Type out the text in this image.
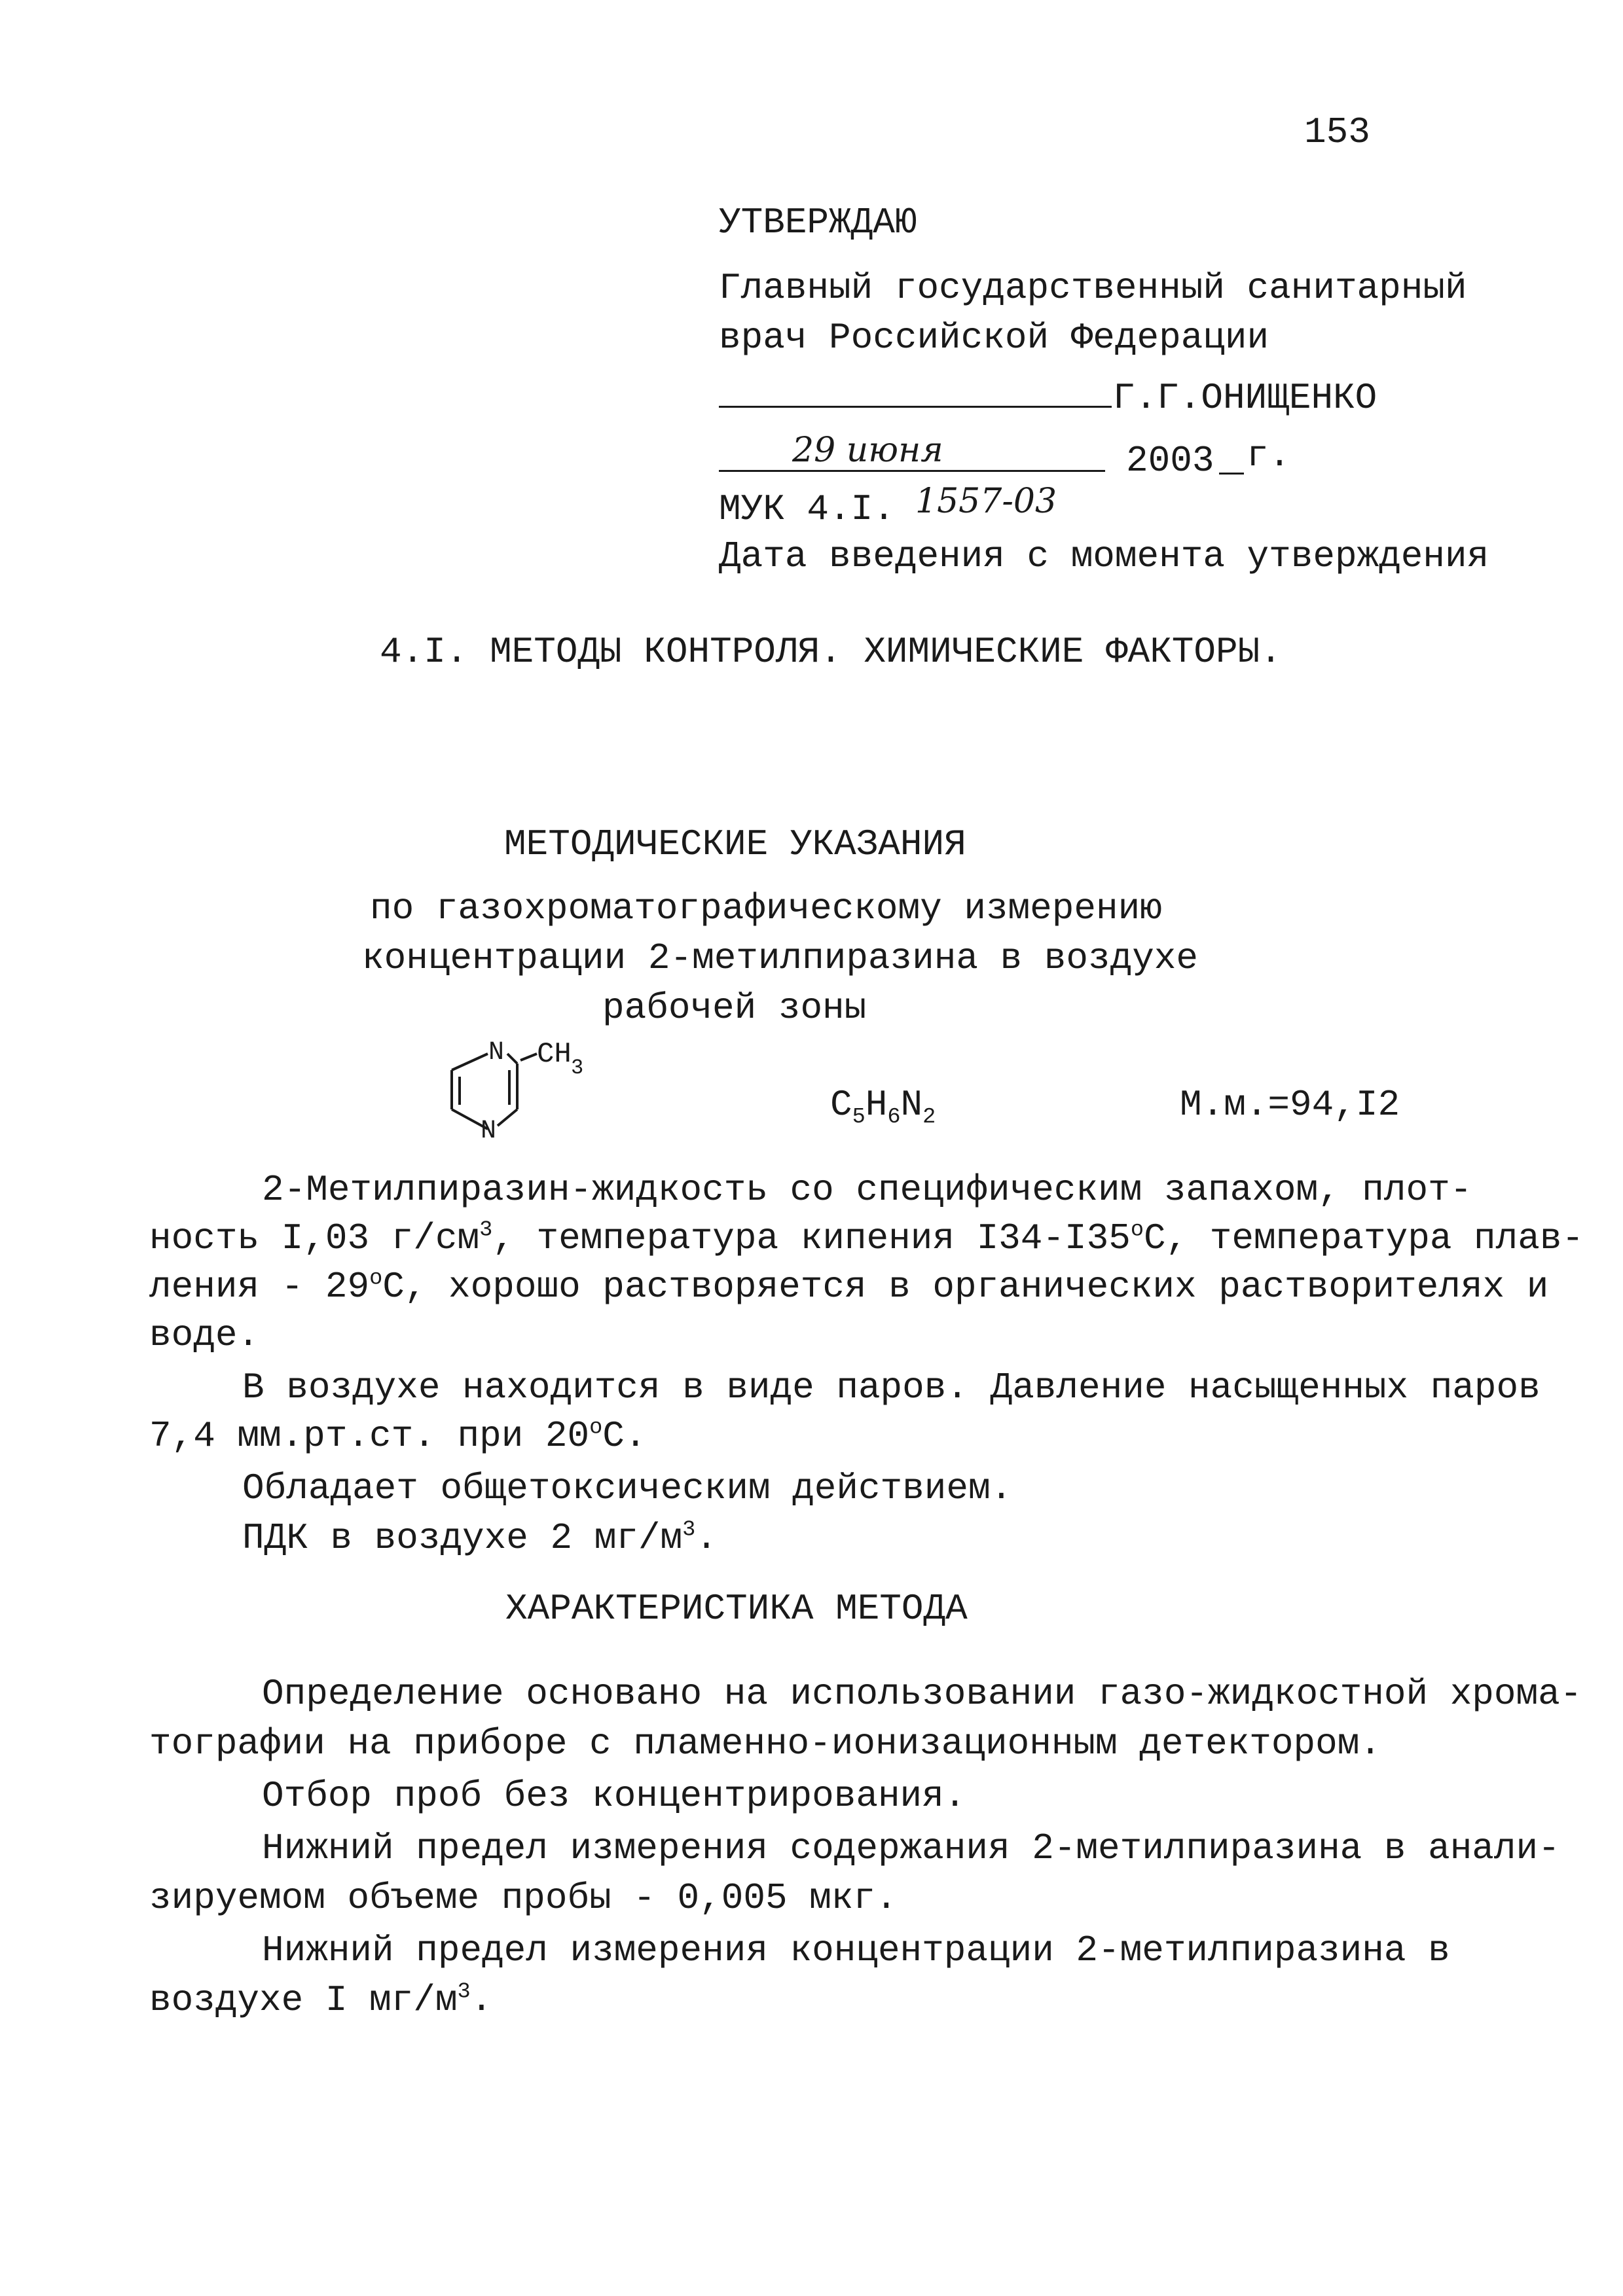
153
УТВЕРЖДАЮ
Главный государственный санитарный
врач Российской Федерации
Г.Г.ОНИЩЕНКО
29 июня	2003 г.
МУК 4.I. 1557-03
Дата введения с момента утверждения
4.I. МЕТОДЫ КОНТРОЛЯ. ХИМИЧЕСКИЕ ФАКТОРЫ.
МЕТОДИЧЕСКИЕ УКАЗАНИЯ
по газохроматографическому измерению
концентрации 2-метилпиразина в воздухе
рабочей зоны
N
N
CH 3
$C_5H_6N_2$	М.м.=94,I2
2-Метилпиразин-жидкость со специфическим запахом, плот-
ность I,03 $г/см^3$, температура кипения $I34-I35^оС$, температура плав-
ления - $29^оС$, хорошо растворяется в органических растворителях и
воде.
В воздухе находится в виде паров. Давление насыщенных паров
7,4 мм.рт.ст. при $20^оС$.
Обладает общетоксическим действием.
ПДК в воздухе 2 $мг/м^3$.
ХАРАКТЕРИСТИКА МЕТОДА
Определение основано на использовании газо-жидкостной хрома-
тографии на приборе с пламенно-ионизационным детектором.
Отбор проб без концентрирования.
Нижний предел измерения содержания 2-метилпиразина в анали-
зируемом объеме пробы - 0,005 мкг.
Нижний предел измерения концентрации 2-метилпиразина в
воздухе I $мг/м^3$.
